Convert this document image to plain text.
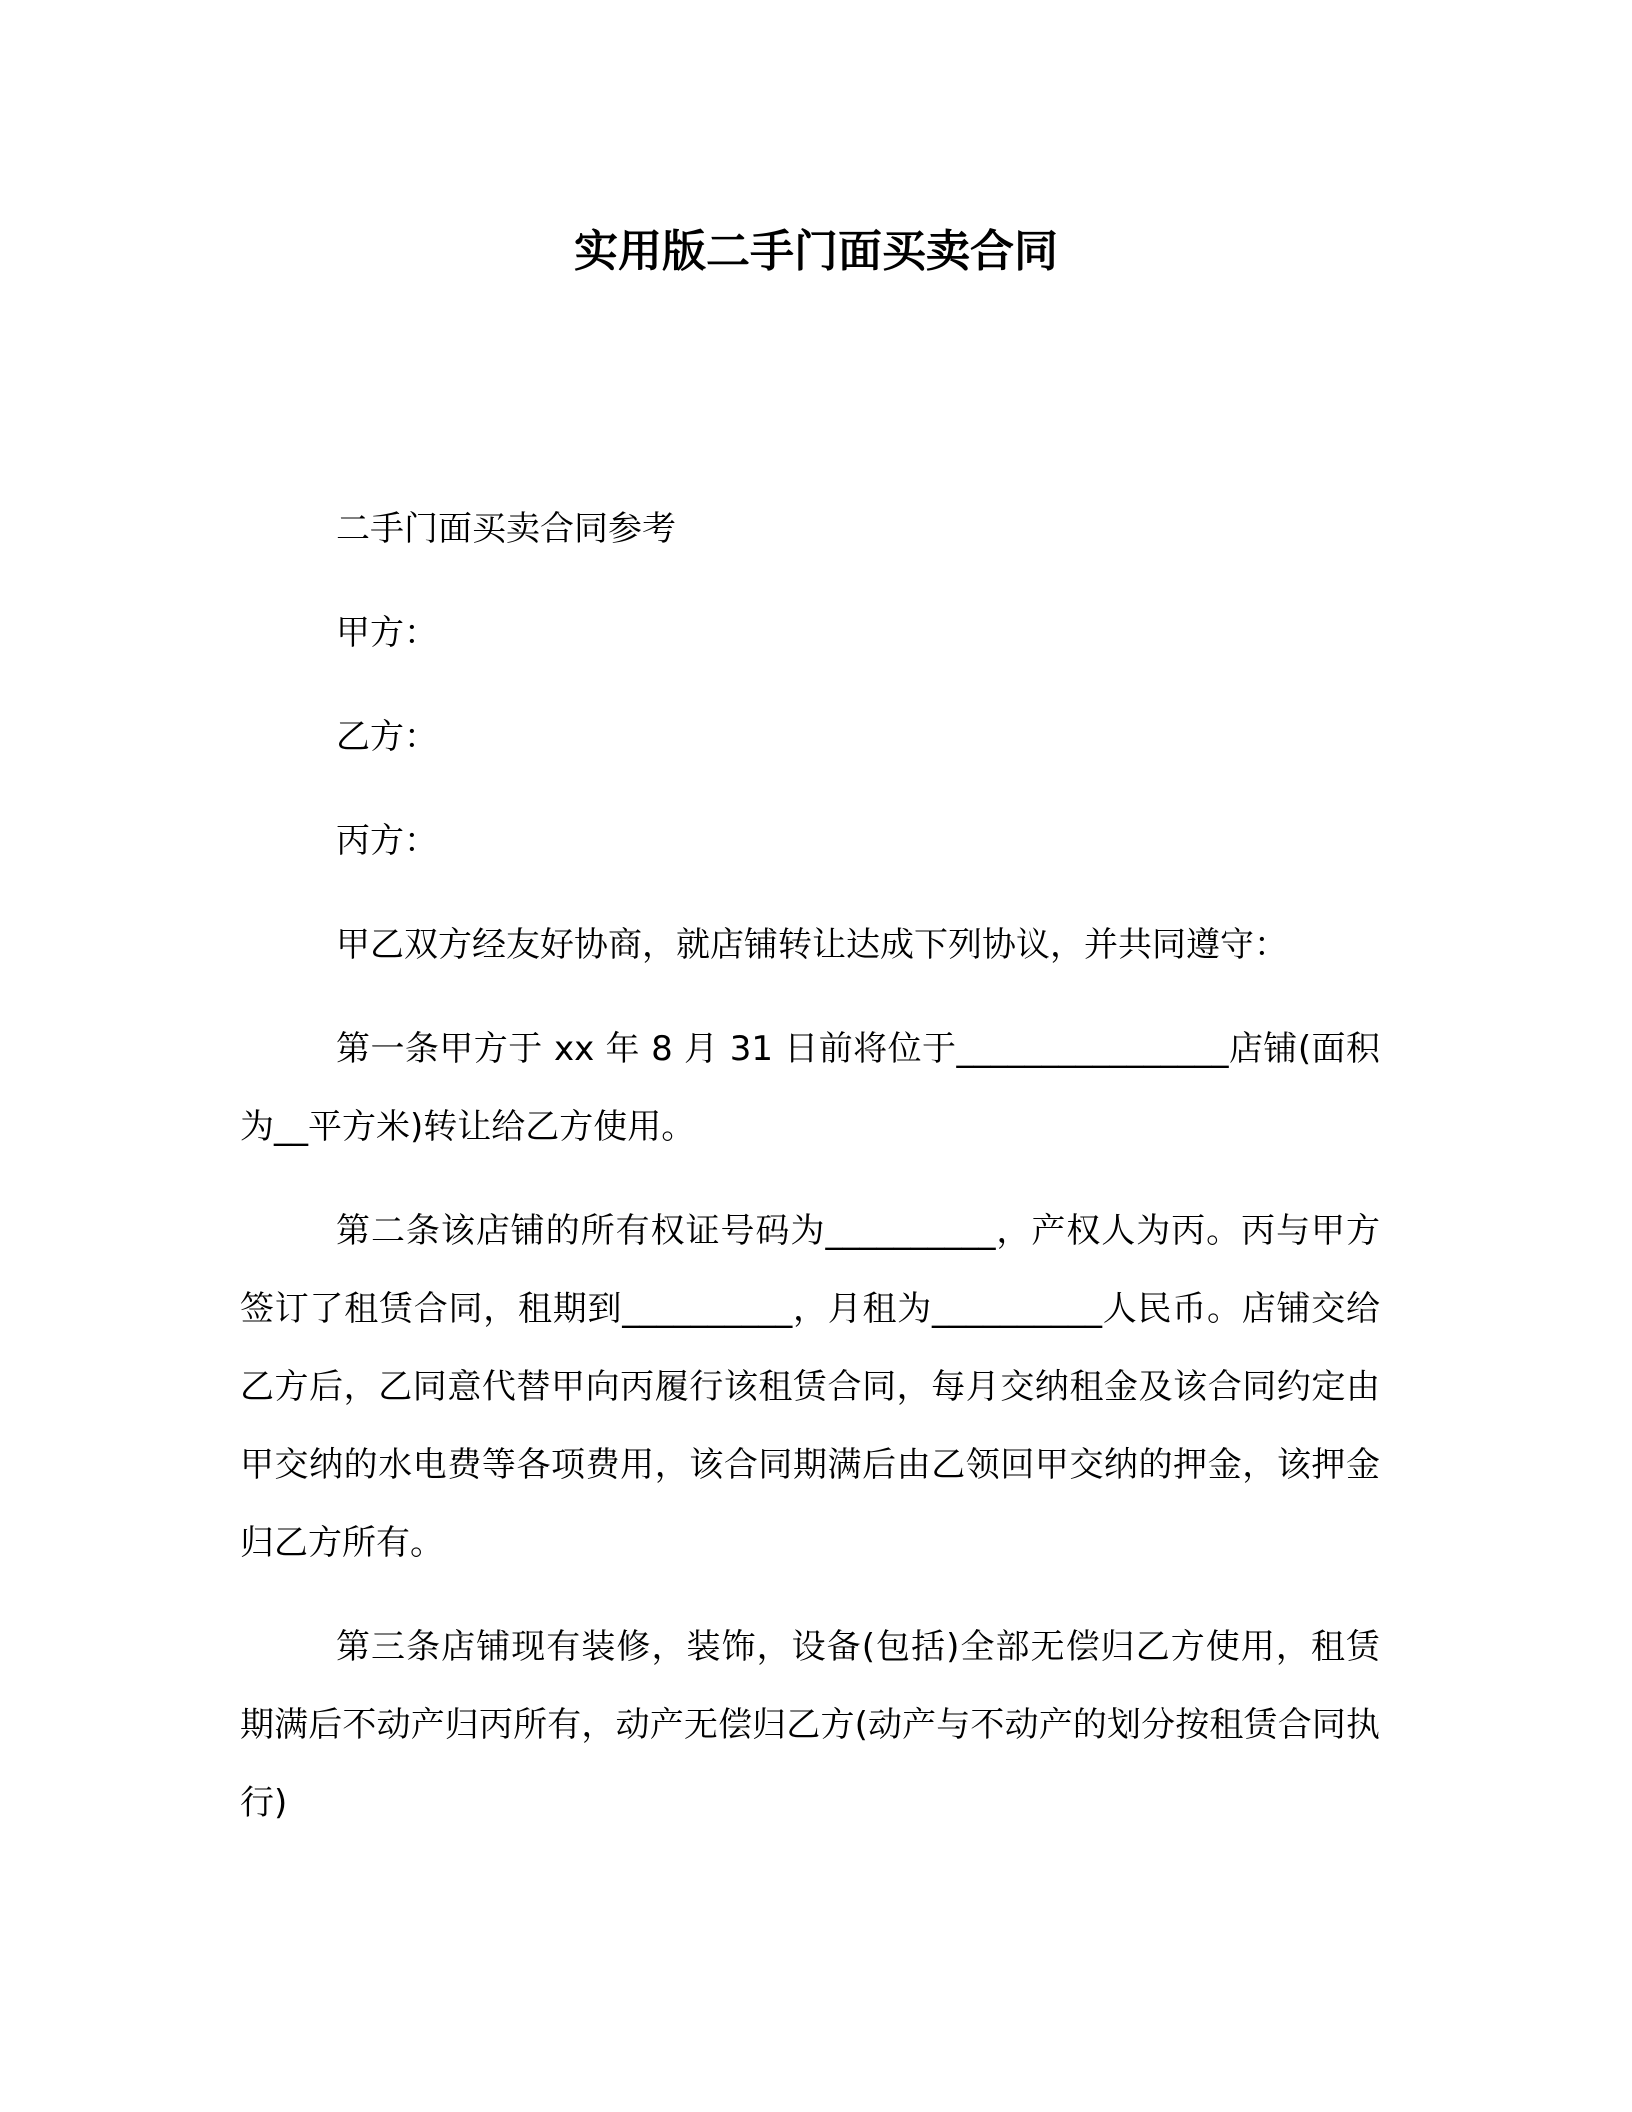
实用版二手门面买卖合同

二手门面买卖合同参考

甲方：

乙方：

丙方：

甲乙双方经友好协商，就店铺转让达成下列协议，并共同遵守：

第一条甲方于 xx 年 8 月 31 日前将位于________________店铺(面积为__平方米)转让给乙方使用。

第二条该店铺的所有权证号码为__________，产权人为丙。丙与甲方签订了租赁合同，租期到__________，月租为__________人民币。店铺交给乙方后，乙同意代替甲向丙履行该租赁合同，每月交纳租金及该合同约定由甲交纳的水电费等各项费用，该合同期满后由乙领回甲交纳的押金，该押金归乙方所有。

第三条店铺现有装修，装饰，设备(包括)全部无偿归乙方使用，租赁期满后不动产归丙所有，动产无偿归乙方(动产与不动产的划分按租赁合同执行)
